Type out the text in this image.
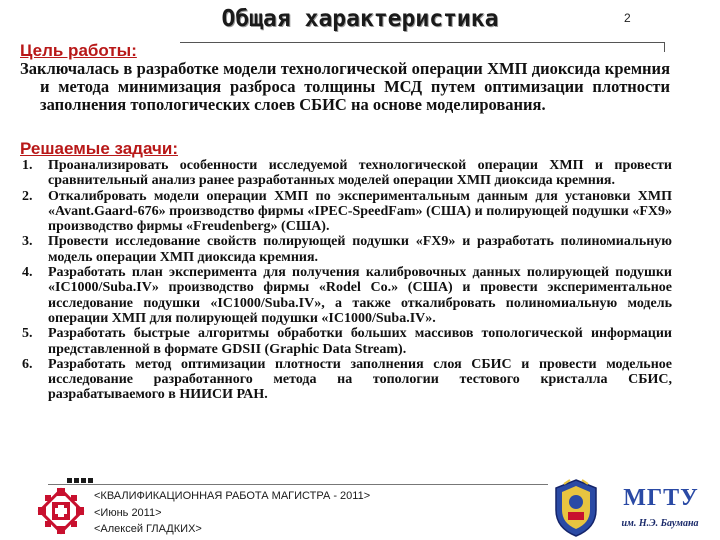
Общая характеристика	2
Цель работы:

Заключалась в разработке модели технологической операции ХМП диоксида кремния и метода минимизация разброса толщины МСД путем оптимизации плотности заполнения топологических слоев СБИС на основе моделирования.

Решаемые задачи:
1. Проанализировать особенности исследуемой технологической операции ХМП и провести сравнительный анализ ранее разработанных моделей операции ХМП диоксида кремния.
2. Откалибровать модели операции ХМП по экспериментальным данным для установки ХМП «Avant.Gaard-676» производство фирмы «IPEC-SpeedFam» (США) и полирующей подушки «FX9» производство фирмы «Freudenberg» (США).
3. Провести исследование свойств полирующей подушки «FX9» и разработать полиномиальную модель операции ХМП диоксида кремния.
4. Разработать план эксперимента для получения калибровочных данных полирующей подушки «IC1000/Suba.IV» производство фирмы «Rodel Co.» (США) и провести экспериментальное исследование подушки «IC1000/Suba.IV», а также откалибровать полиномиальную модель операции ХМП для полирующей подушки «IC1000/Suba.IV».
5. Разработать быстрые алгоритмы обработки больших массивов топологической информации представленной в формате GDSII (Graphic Data Stream).
6. Разработать метод оптимизации плотности заполнения слоя СБИС и провести модельное исследование разработанного метода на топологии тестового кристалла СБИС, разрабатываемого в НИИСИ РАН.
<КВАЛИФИКАЦИОННАЯ РАБОТА МАГИСТРА - 2011>
<Июнь 2011>
<Алексей ГЛАДКИХ>
МГТУ
им. Н.Э. Баумана
